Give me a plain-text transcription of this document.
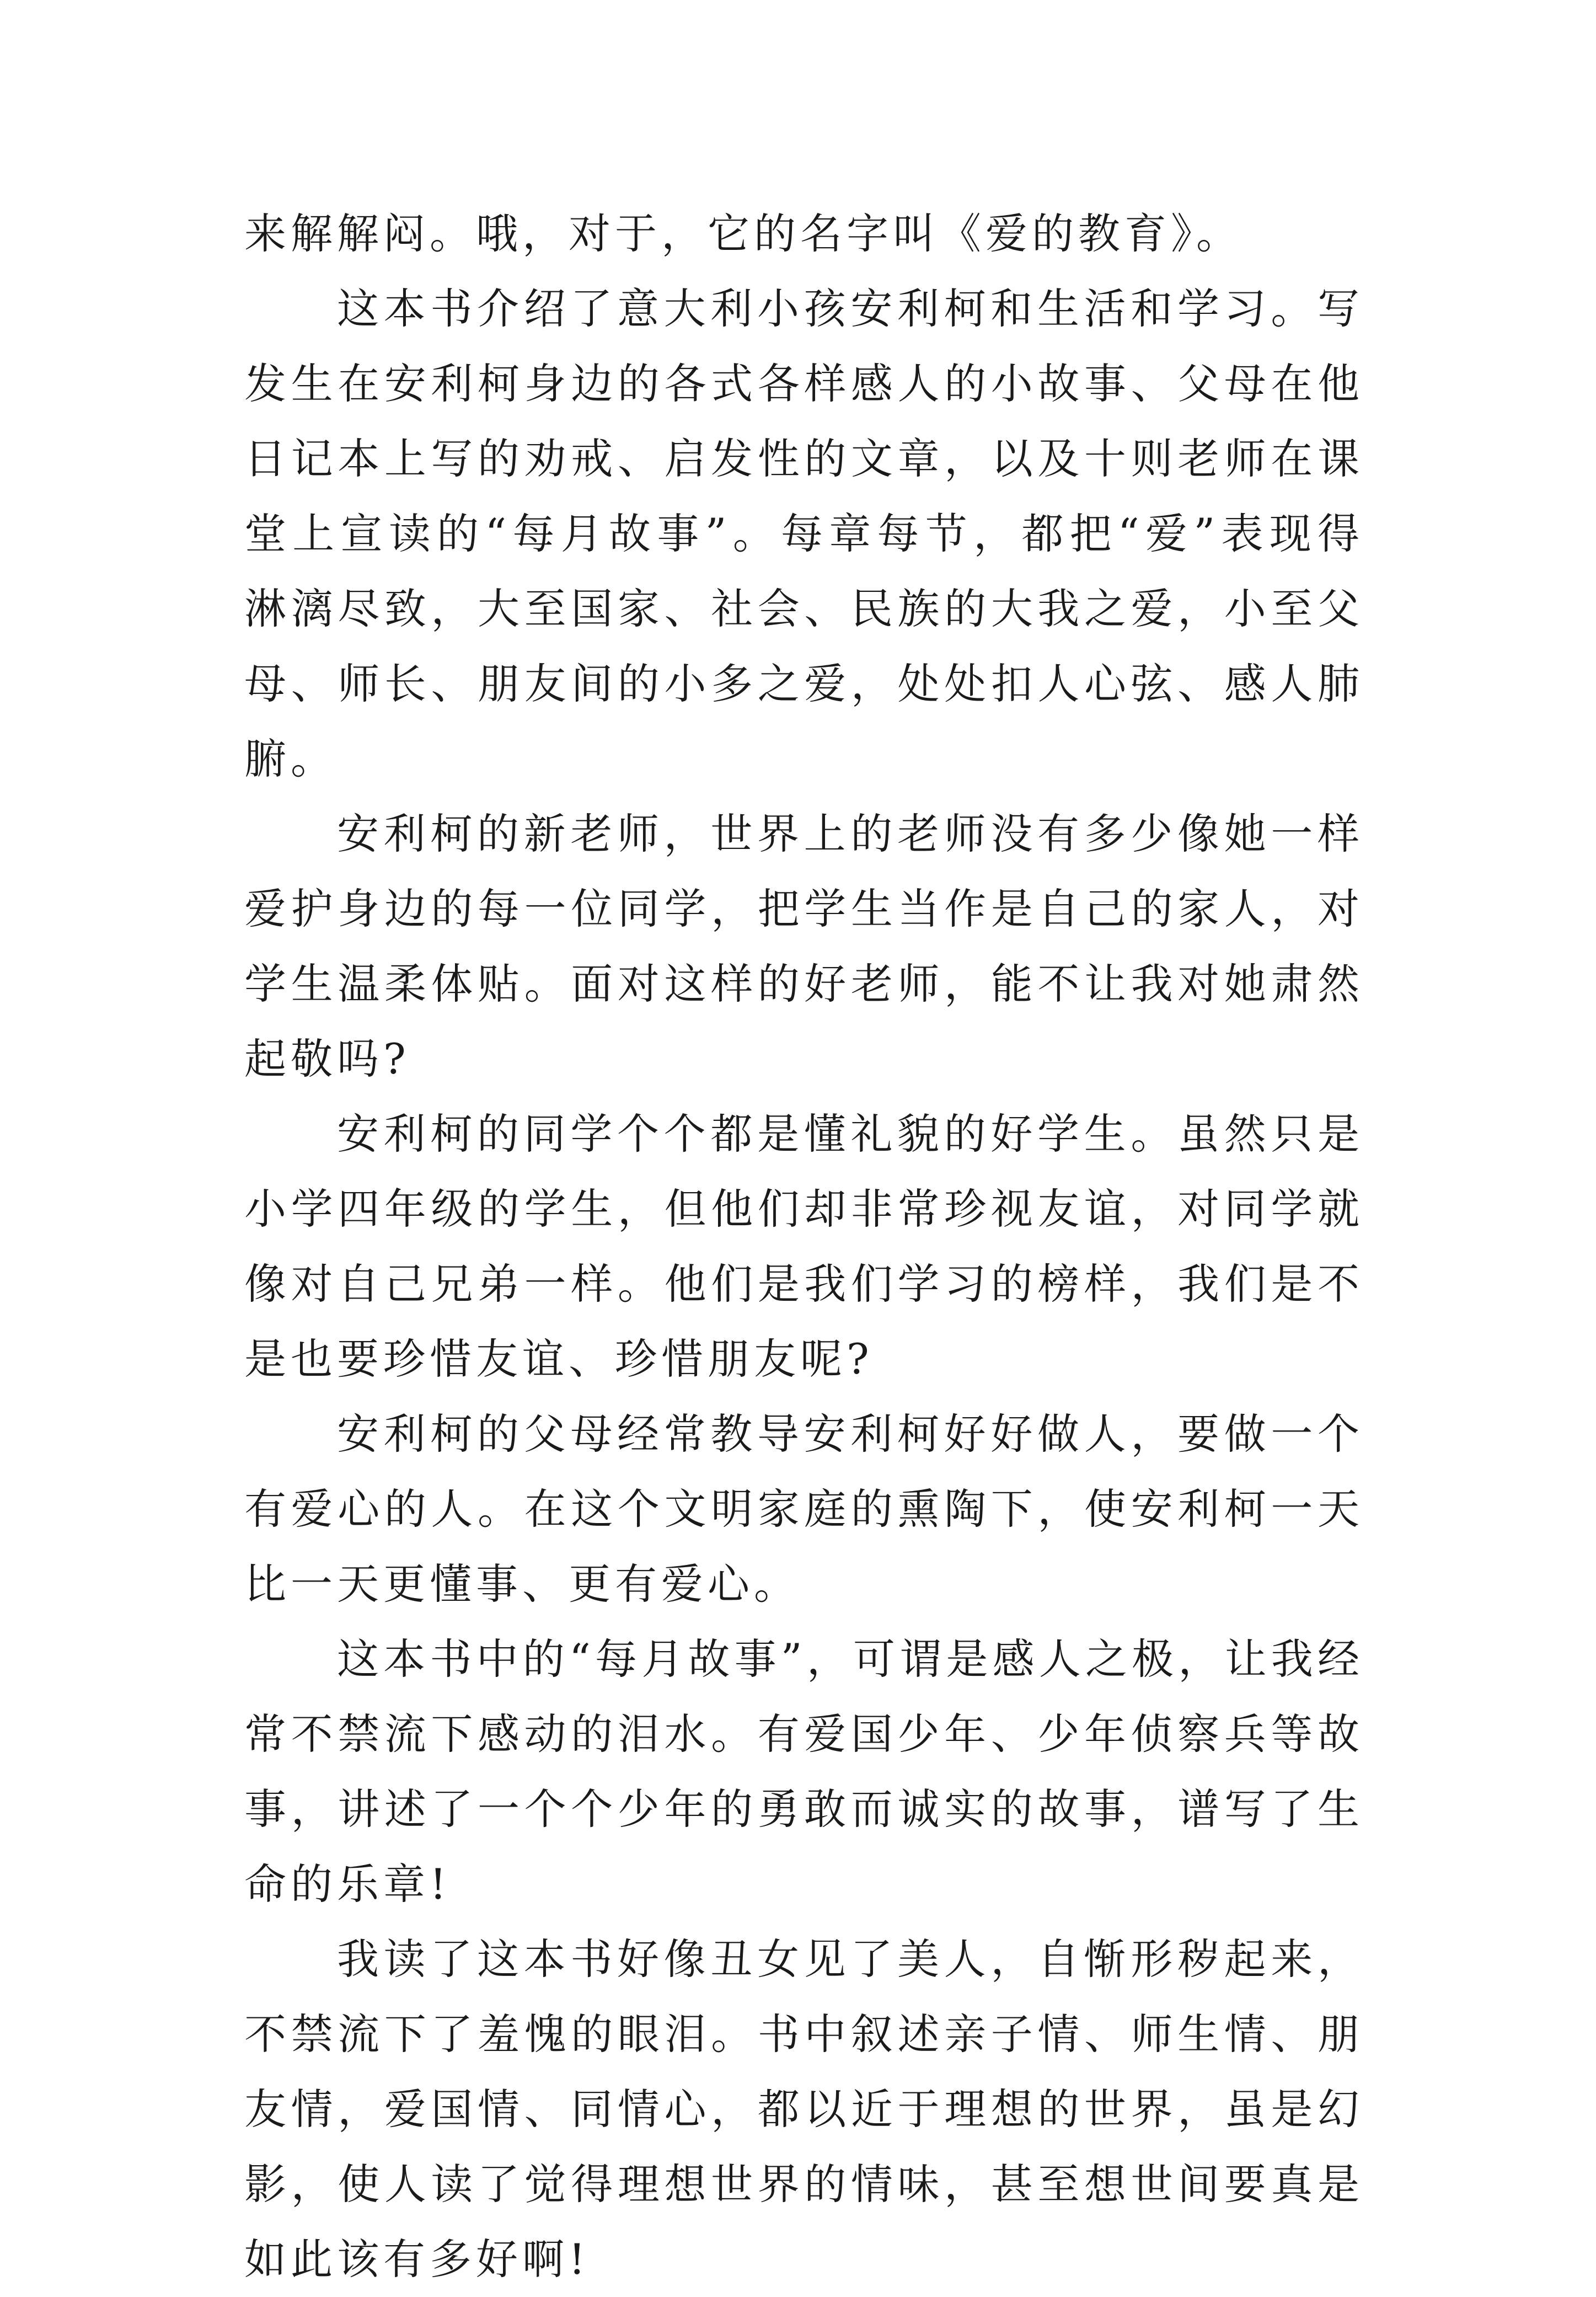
来解解闷。哦，对于，它的名字叫《爱的教育》。

这本书介绍了意大利小孩安利柯和生活和学习。写发生在安利柯身边的各式各样感人的小故事、父母在他日记本上写的劝戒、启发性的文章，以及十则老师在课堂上宣读的“每月故事”。每章每节，都把“爱”表现得淋漓尽致，大至国家、社会、民族的大我之爱，小至父母、师长、朋友间的小多之爱，处处扣人心弦、感人肺腑。

安利柯的新老师，世界上的老师没有多少像她一样爱护身边的每一位同学，把学生当作是自己的家人，对学生温柔体贴。面对这样的好老师，能不让我对她肃然起敬吗?

安利柯的同学个个都是懂礼貌的好学生。虽然只是小学四年级的学生，但他们却非常珍视友谊，对同学就像对自己兄弟一样。他们是我们学习的榜样，我们是不是也要珍惜友谊、珍惜朋友呢?

安利柯的父母经常教导安利柯好好做人，要做一个有爱心的人。在这个文明家庭的熏陶下，使安利柯一天比一天更懂事、更有爱心。

这本书中的“每月故事”，可谓是感人之极，让我经常不禁流下感动的泪水。有爱国少年、少年侦察兵等故事，讲述了一个个少年的勇敢而诚实的故事，谱写了生命的乐章!

我读了这本书好像丑女见了美人，自惭形秽起来，不禁流下了羞愧的眼泪。书中叙述亲子情、师生情、朋友情，爱国情、同情心，都以近于理想的世界，虽是幻影，使人读了觉得理想世界的情味，甚至想世间要真是如此该有多好啊!
